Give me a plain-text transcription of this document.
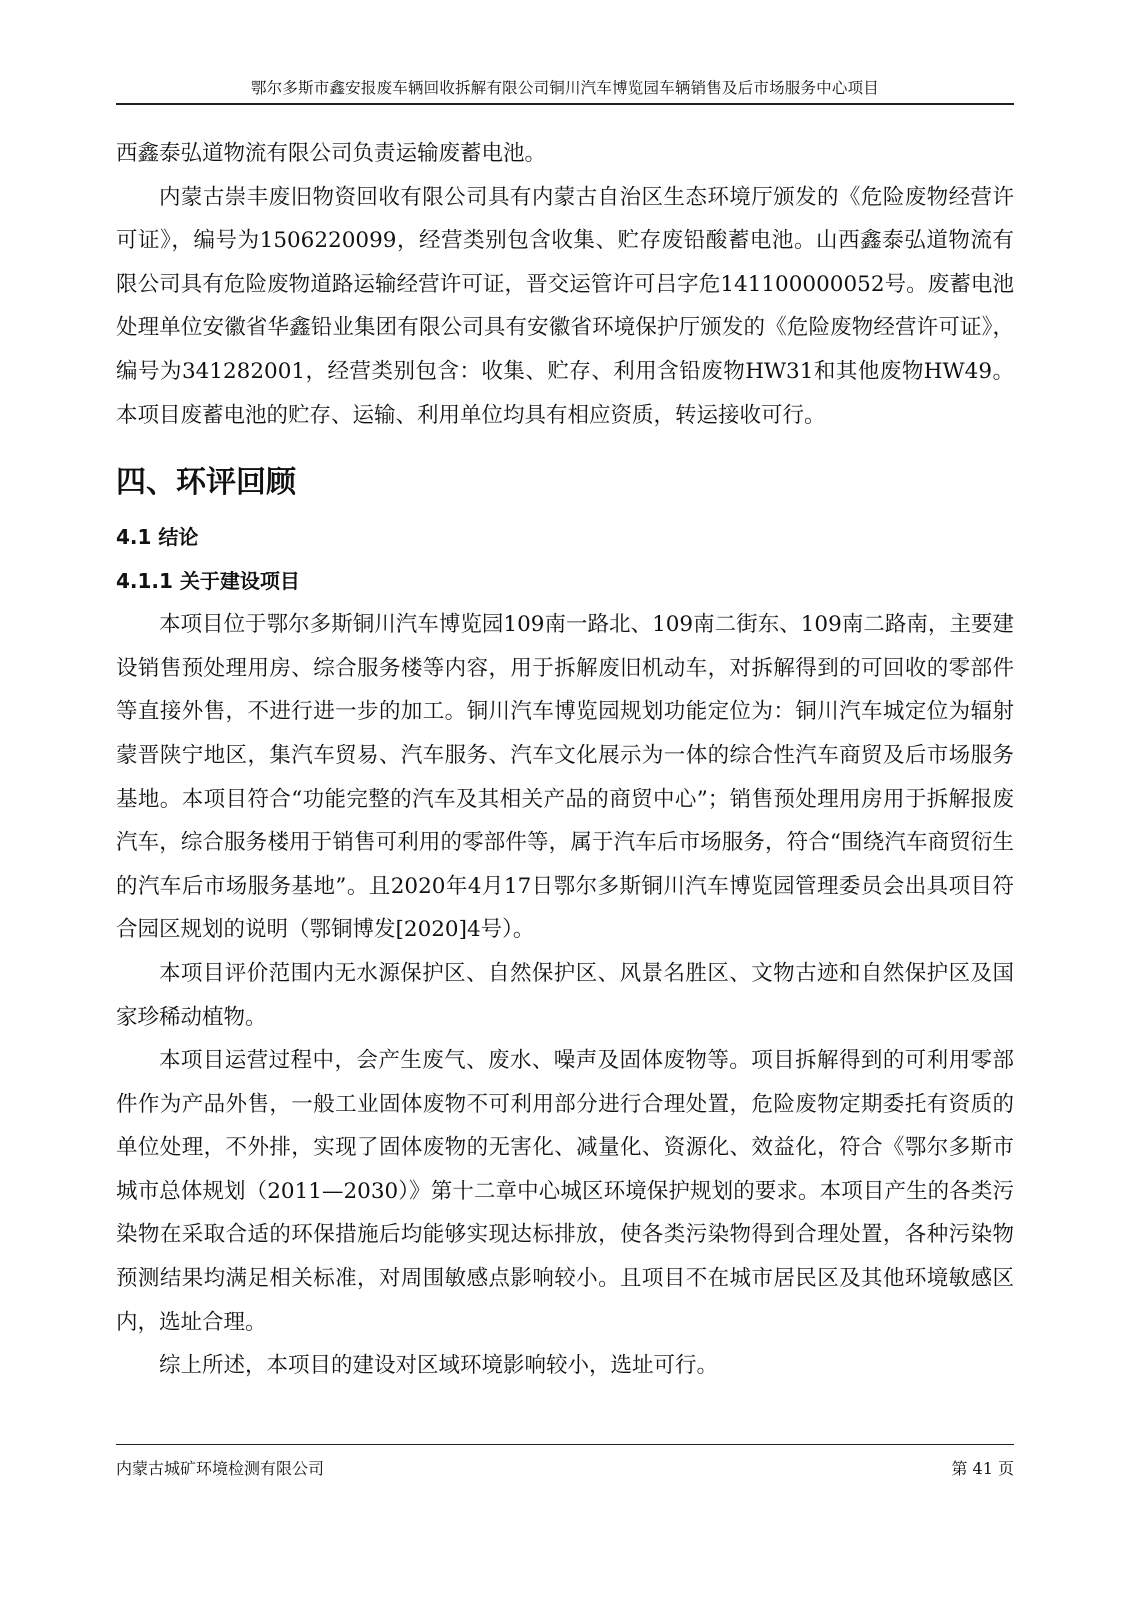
鄂尔多斯市鑫安报废车辆回收拆解有限公司铜川汽车博览园车辆销售及后市场服务中心项目

西鑫泰弘道物流有限公司负责运输废蓄电池。

内蒙古崇丰废旧物资回收有限公司具有内蒙古自治区生态环境厅颁发的《危险废物经营许可证》，编号为1506220099，经营类别包含收集、贮存废铅酸蓄电池。山西鑫泰弘道物流有限公司具有危险废物道路运输经营许可证，晋交运管许可吕字危141100000052号。废蓄电池处理单位安徽省华鑫铅业集团有限公司具有安徽省环境保护厅颁发的《危险废物经营许可证》，编号为341282001，经营类别包含：收集、贮存、利用含铅废物HW31和其他废物HW49。本项目废蓄电池的贮存、运输、利用单位均具有相应资质，转运接收可行。

四、环评回顾
4.1 结论
4.1.1 关于建设项目

本项目位于鄂尔多斯铜川汽车博览园109南一路北、109南二街东、109南二路南，主要建设销售预处理用房、综合服务楼等内容，用于拆解废旧机动车，对拆解得到的可回收的零部件等直接外售，不进行进一步的加工。铜川汽车博览园规划功能定位为：铜川汽车城定位为辐射蒙晋陕宁地区，集汽车贸易、汽车服务、汽车文化展示为一体的综合性汽车商贸及后市场服务基地。本项目符合“功能完整的汽车及其相关产品的商贸中心”；销售预处理用房用于拆解报废汽车，综合服务楼用于销售可利用的零部件等，属于汽车后市场服务，符合“围绕汽车商贸衍生的汽车后市场服务基地”。且2020年4月17日鄂尔多斯铜川汽车博览园管理委员会出具项目符合园区规划的说明（鄂铜博发[2020]4号）。

本项目评价范围内无水源保护区、自然保护区、风景名胜区、文物古迹和自然保护区及国家珍稀动植物。

本项目运营过程中，会产生废气、废水、噪声及固体废物等。项目拆解得到的可利用零部件作为产品外售，一般工业固体废物不可利用部分进行合理处置，危险废物定期委托有资质的单位处理，不外排，实现了固体废物的无害化、减量化、资源化、效益化，符合《鄂尔多斯市城市总体规划（2011—2030）》第十二章中心城区环境保护规划的要求。本项目产生的各类污染物在采取合适的环保措施后均能够实现达标排放，使各类污染物得到合理处置，各种污染物预测结果均满足相关标准，对周围敏感点影响较小。且项目不在城市居民区及其他环境敏感区内，选址合理。

综上所述，本项目的建设对区域环境影响较小，选址可行。

内蒙古城矿环境检测有限公司	第 41 页
